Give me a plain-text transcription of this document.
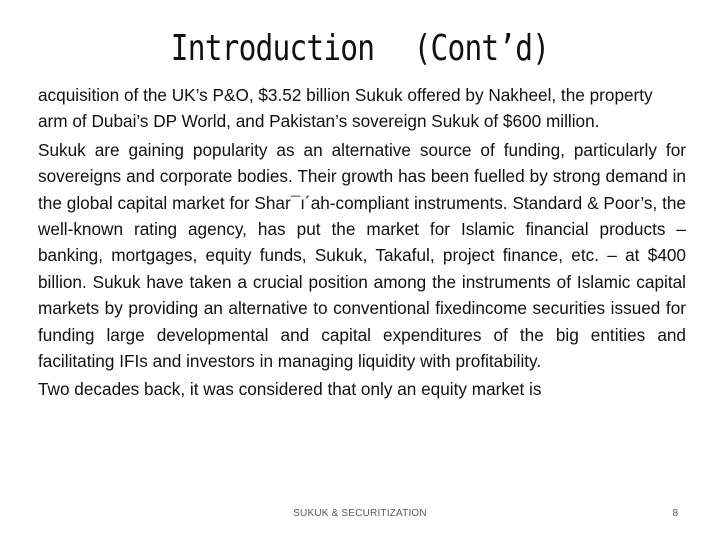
Introduction (Cont’d)

acquisition of the UK’s P&O, $3.52 billion Sukuk offered by Nakheel, the property arm of Dubai’s DP World, and Pakistan’s sovereign Sukuk of $600 million.

Sukuk are gaining popularity as an alternative source of funding, particularly for sovereigns and corporate bodies. Their growth has been fuelled by strong demand in the global capital market for Shar¯ı´ah-compliant instruments. Standard & Poor’s, the well-known rating agency, has put the market for Islamic financial products – banking, mortgages, equity funds, Sukuk, Takaful, project finance, etc. – at $400 billion. Sukuk have taken a crucial position among the instruments of Islamic capital markets by providing an alternative to conventional fixedincome securities issued for funding large developmental and capital expenditures of the big entities and facilitating IFIs and investors in managing liquidity with profitability.

Two decades back, it was considered that only an equity market is

SUKUK & SECURITIZATION	8
